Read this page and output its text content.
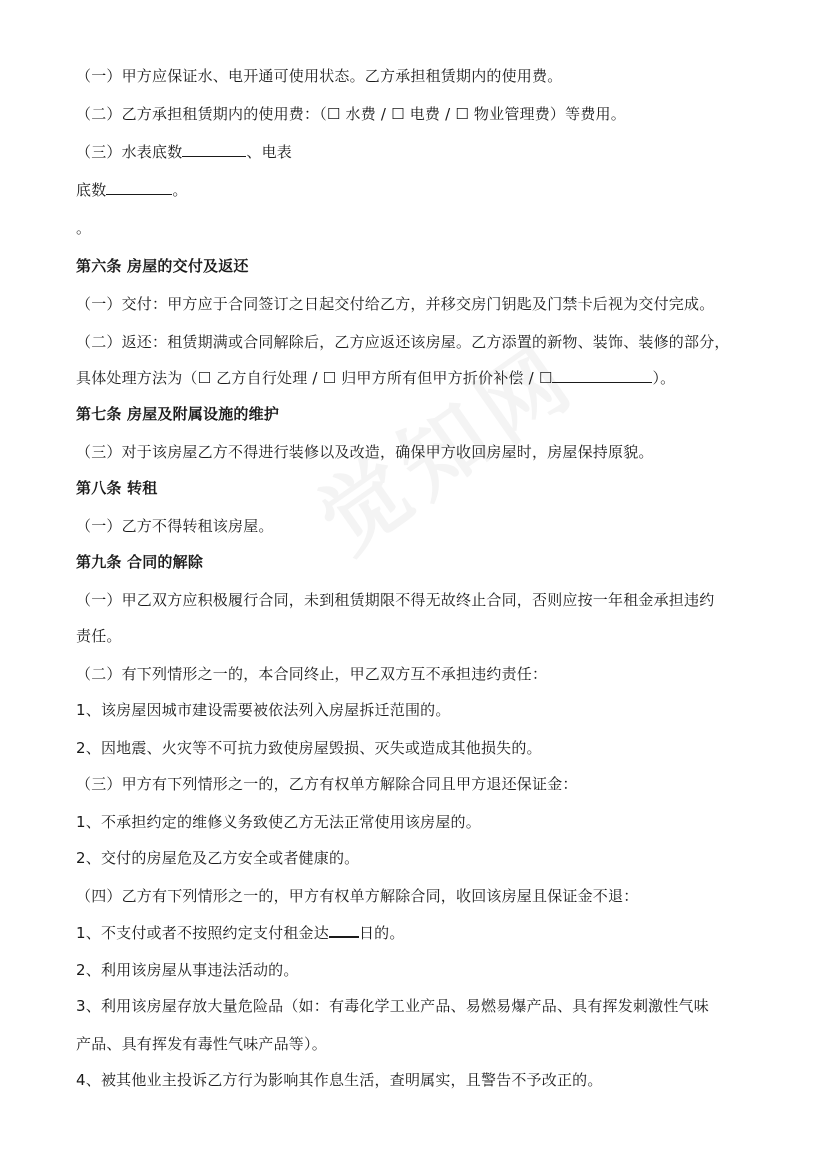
（一）甲方应保证水、电开通可使用状态。乙方承担租赁期内的使用费。
（二）乙方承担租赁期内的使用费：（☐ 水费 / ☐ 电费 / ☐ 物业管理费）等费用。
（三）水表底数	、电表
底数	。
。
第六条 房屋的交付及返还
（一）交付：甲方应于合同签订之日起交付给乙方，并移交房门钥匙及门禁卡后视为交付完成。
（二）返还：租赁期满或合同解除后，乙方应返还该房屋。乙方添置的新物、装饰、装修的部分，
具体处理方法为（☐ 乙方自行处理 / ☐ 归甲方所有但甲方折价补偿 / ☐	）。
第七条 房屋及附属设施的维护
（三）对于该房屋乙方不得进行装修以及改造，确保甲方收回房屋时，房屋保持原貌。
第八条 转租
（一）乙方不得转租该房屋。
第九条 合同的解除
（一）甲乙双方应积极履行合同，未到租赁期限不得无故终止合同，否则应按一年租金承担违约
责任。
（二）有下列情形之一的，本合同终止，甲乙双方互不承担违约责任：
1、该房屋因城市建设需要被依法列入房屋拆迁范围的。
2、因地震、火灾等不可抗力致使房屋毁损、灭失或造成其他损失的。
（三）甲方有下列情形之一的，乙方有权单方解除合同且甲方退还保证金：
1、不承担约定的维修义务致使乙方无法正常使用该房屋的。
2、交付的房屋危及乙方安全或者健康的。
（四）乙方有下列情形之一的，甲方有权单方解除合同，收回该房屋且保证金不退：
1、不支付或者不按照约定支付租金达 日的。
2、利用该房屋从事违法活动的。
3、利用该房屋存放大量危险品（如：有毒化学工业产品、易燃易爆产品、具有挥发刺激性气味
产品、具有挥发有毒性气味产品等）。
4、被其他业主投诉乙方行为影响其作息生活，查明属实，且警告不予改正的。
